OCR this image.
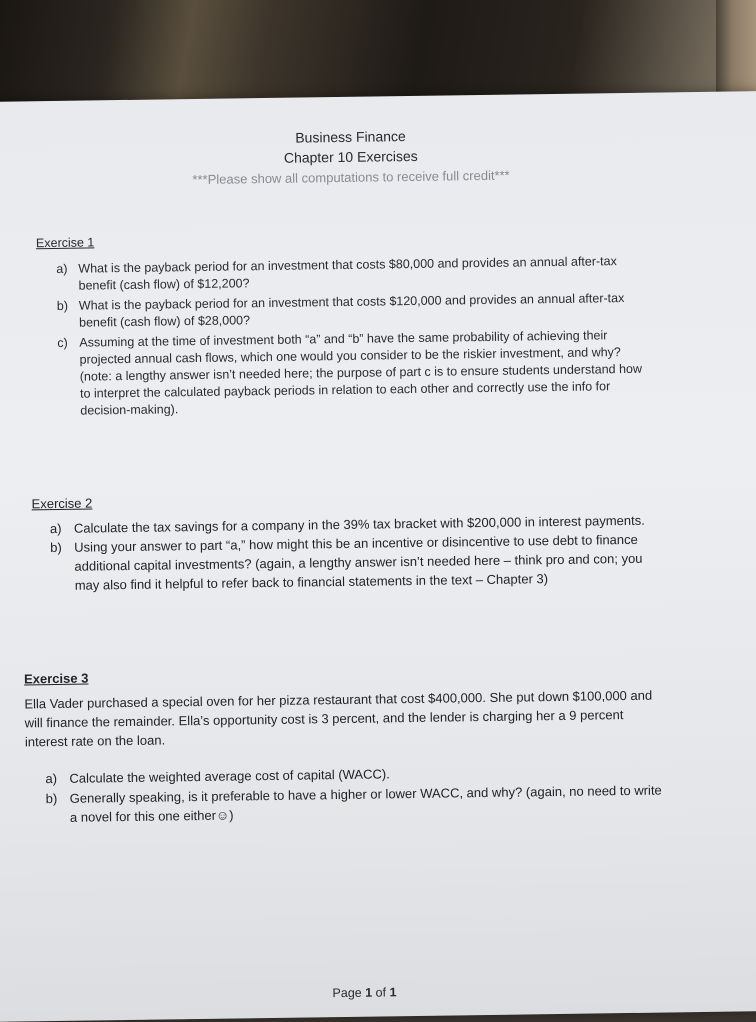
Business Finance
Chapter 10 Exercises
***Please show all computations to receive full credit***
Exercise 1
a) What is the payback period for an investment that costs $80,000 and provides an annual after-tax
benefit (cash flow) of $12,200?
b) What is the payback period for an investment that costs $120,000 and provides an annual after-tax
benefit (cash flow) of $28,000?
c) Assuming at the time of investment both “a” and “b” have the same probability of achieving their
projected annual cash flows, which one would you consider to be the riskier investment, and why?
(note: a lengthy answer isn’t needed here; the purpose of part c is to ensure students understand how
to interpret the calculated payback periods in relation to each other and correctly use the info for
decision-making).
Exercise 2
a) Calculate the tax savings for a company in the 39% tax bracket with $200,000 in interest payments.
b) Using your answer to part “a,” how might this be an incentive or disincentive to use debt to finance
additional capital investments? (again, a lengthy answer isn’t needed here – think pro and con; you
may also find it helpful to refer back to financial statements in the text – Chapter 3)
Exercise 3
Ella Vader purchased a special oven for her pizza restaurant that cost $400,000. She put down $100,000 and
will finance the remainder. Ella’s opportunity cost is 3 percent, and the lender is charging her a 9 percent
interest rate on the loan.
a) Calculate the weighted average cost of capital (WACC).
b) Generally speaking, is it preferable to have a higher or lower WACC, and why? (again, no need to write
a novel for this one either☺)
Page 1 of 1
